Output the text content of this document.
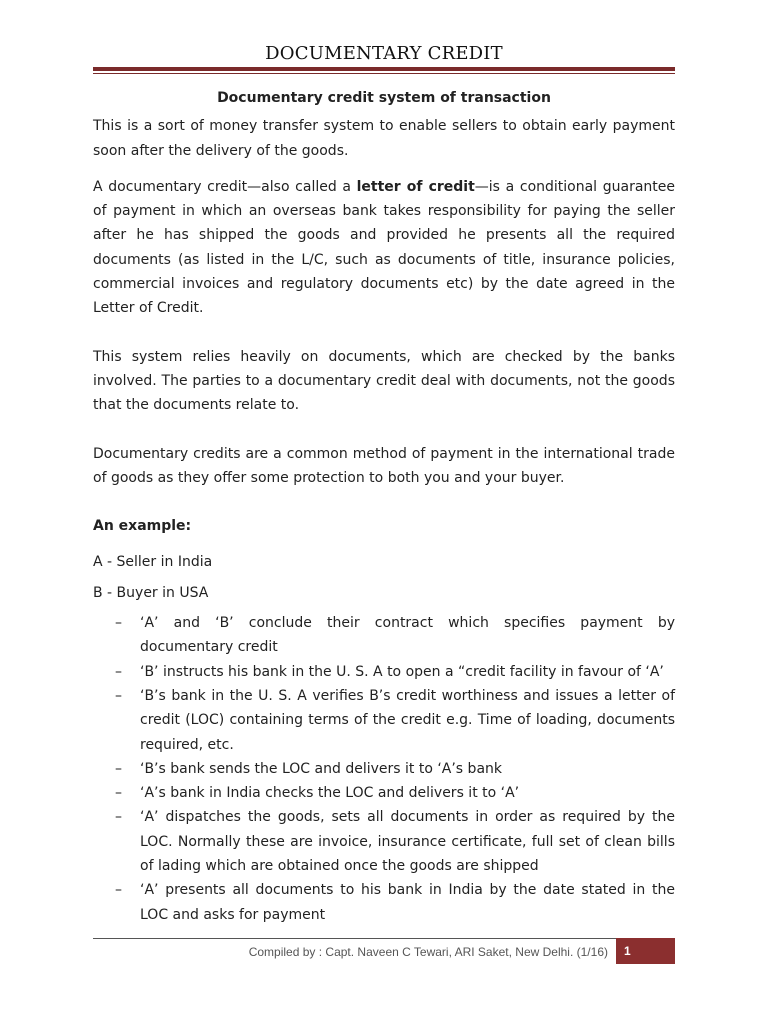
DOCUMENTARY CREDIT

Documentary credit system of transaction

This is a sort of money transfer system to enable sellers to obtain early payment soon after the delivery of the goods.

A documentary credit—also called a letter of credit—is a conditional guarantee of payment in which an overseas bank takes responsibility for paying the seller after he has shipped the goods and provided he presents all the required documents (as listed in the L/C, such as documents of title, insurance policies, commercial invoices and regulatory documents etc) by the date agreed in the Letter of Credit.

This system relies heavily on documents, which are checked by the banks involved. The parties to a documentary credit deal with documents, not the goods that the documents relate to.

Documentary credits are a common method of payment in the international trade of goods as they offer some protection to both you and your buyer.

An example:

A - Seller in India

B - Buyer in USA

– ‘A’ and ‘B’ conclude their contract which specifies payment by documentary credit
– ‘B’ instructs his bank in the U. S. A to open a “credit facility in favour of ‘A’
– ‘B’s bank in the U. S. A verifies B’s credit worthiness and issues a letter of credit (LOC) containing terms of the credit e.g. Time of loading, documents required, etc.
– ‘B’s bank sends the LOC and delivers it to ‘A’s bank
– ‘A’s bank in India checks the LOC and delivers it to ‘A’
– ‘A’ dispatches the goods, sets all documents in order as required by the LOC. Normally these are invoice, insurance certificate, full set of clean bills of lading which are obtained once the goods are shipped
– ‘A’ presents all documents to his bank in India by the date stated in the LOC and asks for payment
Compiled by : Capt. Naveen C Tewari, ARI Saket, New Delhi. (1/16) 1
